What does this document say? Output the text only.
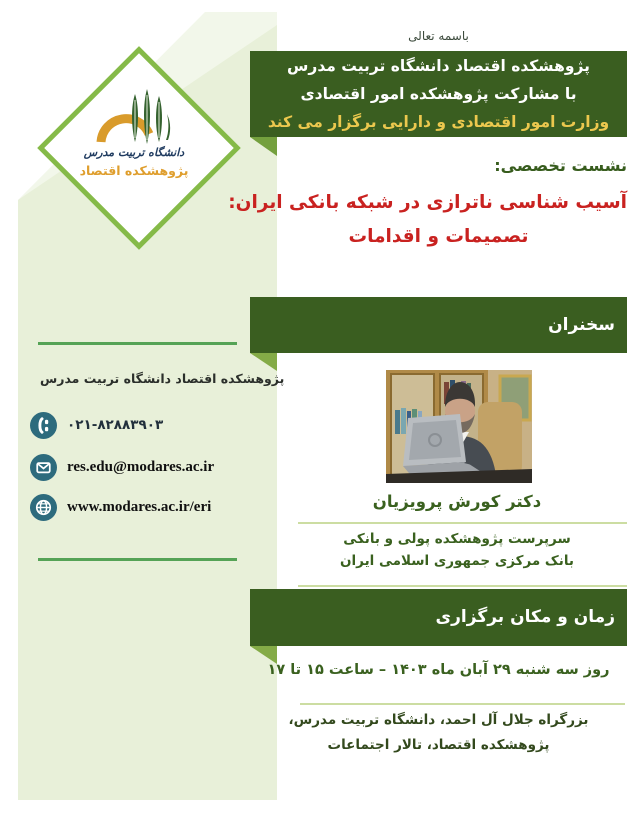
دانشگاه تربیت مدرس
پژوهشکده اقتصاد
باسمه تعالی
پژوهشکده اقتصاد دانشگاه تربیت مدرس
با مشارکت پژوهشکده امور اقتصادی
وزارت امور اقتصادی و دارایی برگزار می کند
نشست تخصصی:
آسیب شناسی ناترازی در شبکه بانکی ایران:
تصمیمات و اقدامات
سخنران
دکتر کورش پرویزیان
سرپرست پژوهشکده پولی و بانکی
بانک مرکزی جمهوری اسلامی ایران
زمان و مکان برگزاری
روز سه شنبه ۲۹ آبان ماه ۱۴۰۳ – ساعت ۱۵ تا ۱۷
بزرگراه جلال آل احمد، دانشگاه تربیت مدرس،
پژوهشکده اقتصاد، تالار اجتماعات
پژوهشکده اقتصاد دانشگاه تربیت مدرس
۰۲۱-۸۲۸۸۳۹۰۳
res.edu@modares.ac.ir
www.modares.ac.ir/eri
